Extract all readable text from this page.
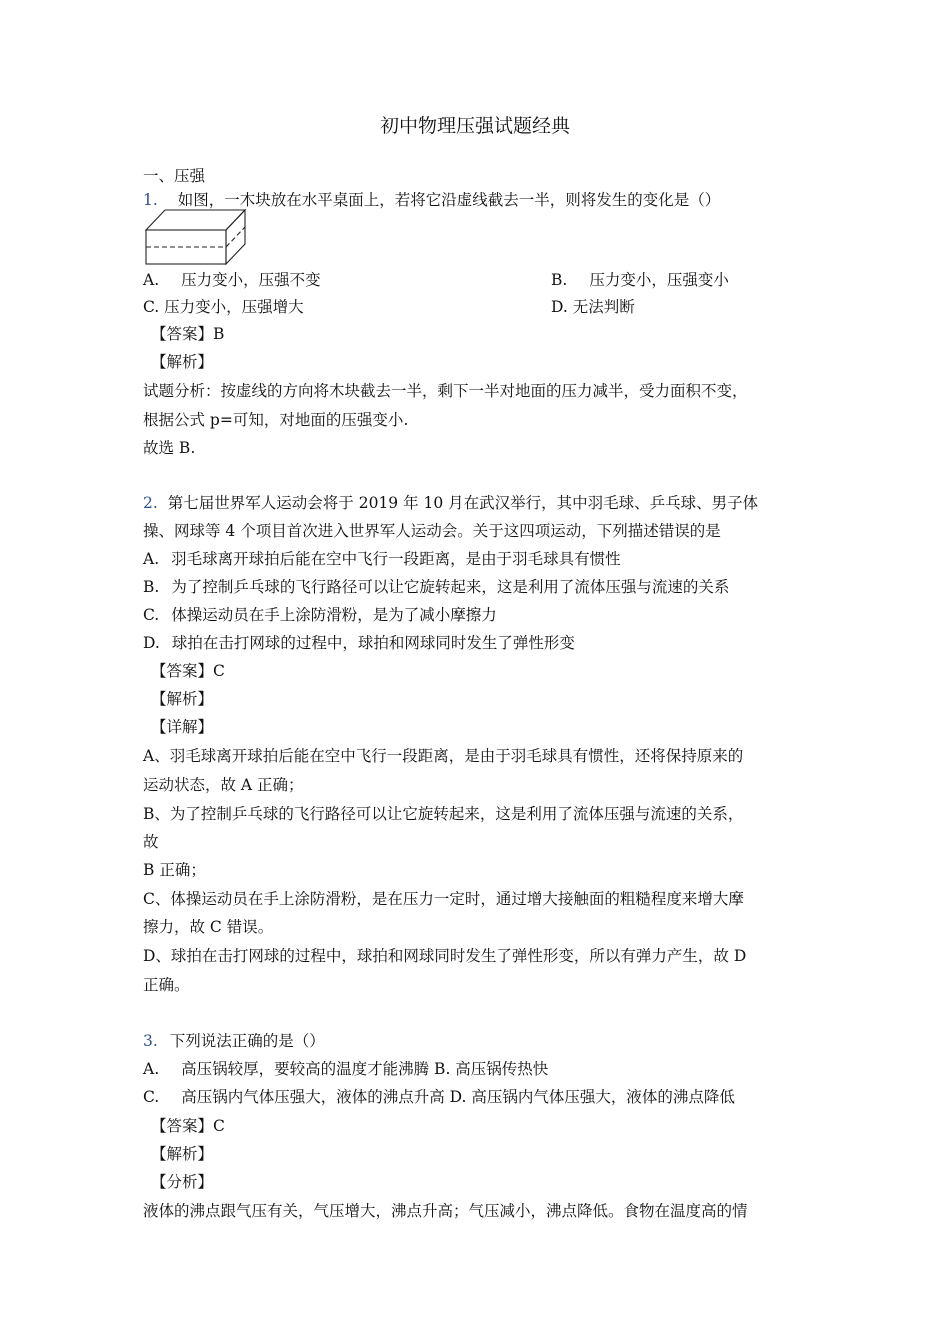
初中物理压强试题经典
一、压强
1. 如图，一木块放在水平桌面上，若将它沿虚线截去一半，则将发生的变化是（）
A. 压力变小，压强不变	B. 压力变小，压强变小
C. 压力变小，压强增大	D. 无法判断
【答案】B
【解析】
试题分析：按虚线的方向将木块截去一半，剩下一半对地面的压力减半，受力面积不变，
根据公式 p=可知，对地面的压强变小.
故选 B.
2. 第七届世界军人运动会将于 2019 年 10 月在武汉举行，其中羽毛球、乒乓球、男子体
操、网球等 4 个项目首次进入世界军人运动会。关于这四项运动，下列描述错误的是
A. 羽毛球离开球拍后能在空中飞行一段距离，是由于羽毛球具有惯性
B. 为了控制乒乓球的飞行路径可以让它旋转起来，这是利用了流体压强与流速的关系
C. 体操运动员在手上涂防滑粉，是为了减小摩擦力
D. 球拍在击打网球的过程中，球拍和网球同时发生了弹性形变
【答案】C
【解析】
【详解】
A、羽毛球离开球拍后能在空中飞行一段距离，是由于羽毛球具有惯性，还将保持原来的
运动状态，故 A 正确；
B、为了控制乒乓球的飞行路径可以让它旋转起来，这是利用了流体压强与流速的关系，
故
B 正确；
C、体操运动员在手上涂防滑粉，是在压力一定时，通过增大接触面的粗糙程度来增大摩
擦力，故 C 错误。
D、球拍在击打网球的过程中，球拍和网球同时发生了弹性形变，所以有弹力产生，故 D
正确。
3. 下列说法正确的是（）
A. 高压锅较厚，要较高的温度才能沸腾 B. 高压锅传热快
C. 高压锅内气体压强大，液体的沸点升高 D. 高压锅内气体压强大，液体的沸点降低
【答案】C
【解析】
【分析】
液体的沸点跟气压有关，气压增大，沸点升高；气压减小，沸点降低。食物在温度高的情
